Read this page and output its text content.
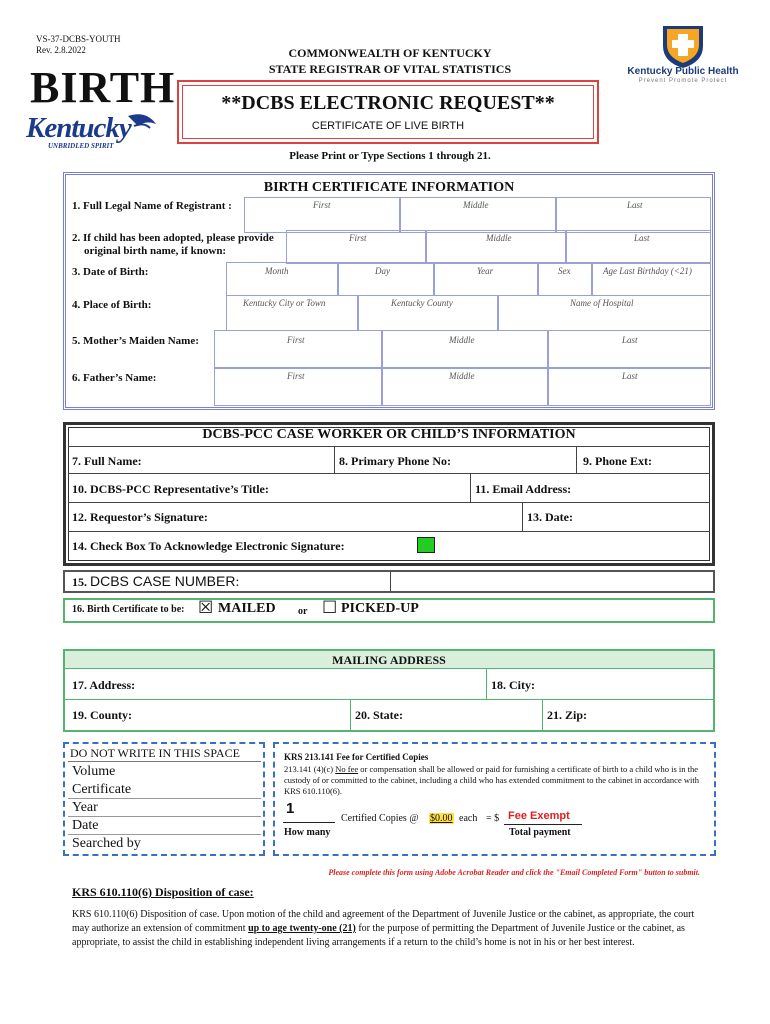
VS-37-DCBS-YOUTH
Rev. 2.8.2022
BIRTH
Kentucky
UNBRIDLED SPIRIT
COMMONWEALTH OF KENTUCKY
STATE REGISTRAR OF VITAL STATISTICS
**DCBS ELECTRONIC REQUEST**
CERTIFICATE OF LIVE BIRTH
Kentucky Public Health
Prevent Promote Protect
Please Print or Type Sections 1 through 21.
BIRTH CERTIFICATE INFORMATION
1. Full Legal Name of Registrant :	First	Middle	Last
2. If child has been adopted, please provide
original birth name, if known:
First	Middle	Last
3. Date of Birth:	Month	Day	Year	Sex	Age Last Birthday (<21)
4. Place of Birth:	Kentucky City or Town	Kentucky County	Name of Hospital
5. Mother’s Maiden Name:	First	Middle	Last
6. Father’s Name:	First	Middle	Last
DCBS-PCC CASE WORKER OR CHILD’S INFORMATION
7. Full Name:	8. Primary Phone No:	9. Phone Ext:
10. DCBS-PCC Representative’s Title:	11. Email Address:
12. Requestor’s Signature:	13. Date:
14. Check Box To Acknowledge Electronic Signature:
15. DCBS CASE NUMBER:
16. Birth Certificate to be: ☒ MAILED or ☐ PICKED-UP
MAILING ADDRESS
17. Address:	18. City:
19. County:	20. State:	21. Zip:
DO NOT WRITE IN THIS SPACE
Volume
Certificate
Year
Date
Searched by
KRS 213.141 Fee for Certified Copies
213.141 (4)(c) No fee or compensation shall be allowed or paid for furnishing a certificate of birth to a child who is in the custody of or committed to the cabinet, including a child who has extended commitment to the cabinet in accordance with KRS 610.110(6).
1
Certified Copies @ $0.00 each = $ Fee Exempt
How many	Total payment
Please complete this form using Adobe Acrobat Reader and click the "Email Completed Form" button to submit.
KRS 610.110(6) Disposition of case:
KRS 610.110(6) Disposition of case. Upon motion of the child and agreement of the Department of Juvenile Justice or the cabinet, as appropriate, the court may authorize an extension of commitment up to age twenty-one (21) for the purpose of permitting the Department of Juvenile Justice or the cabinet, as appropriate, to assist the child in establishing independent living arrangements if a return to the child’s home is not in his or her best interest.
